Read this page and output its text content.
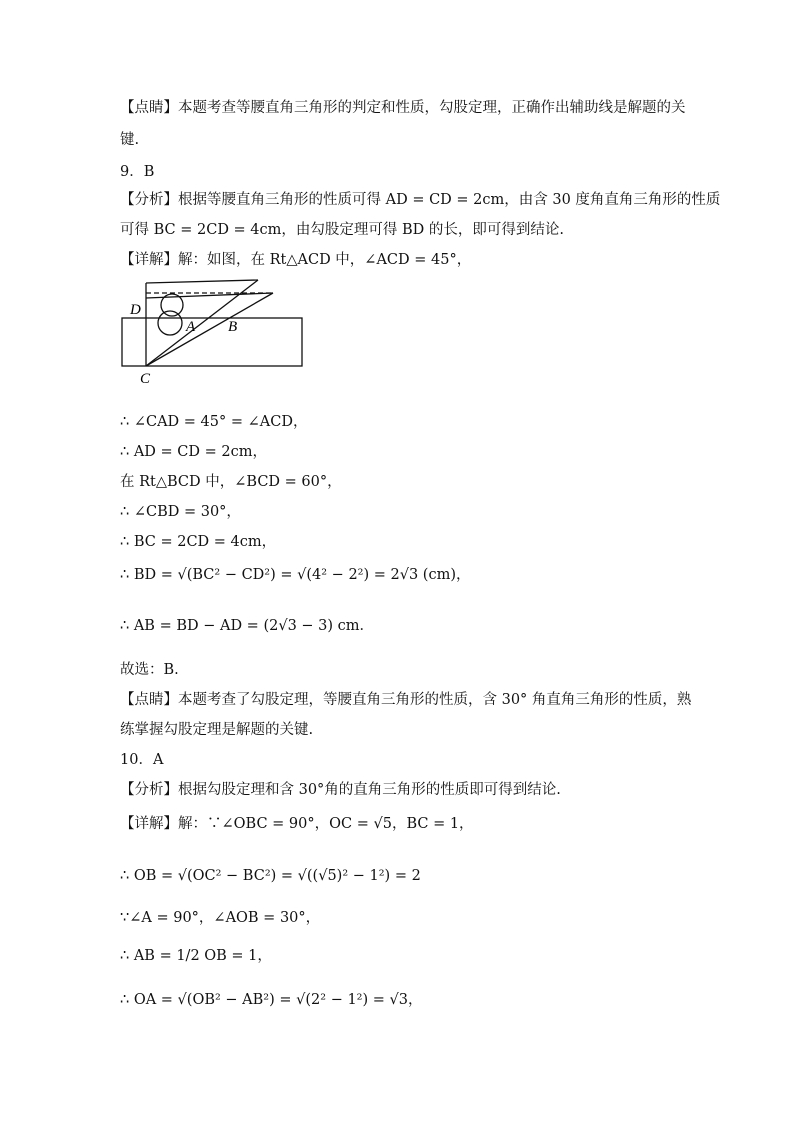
【点睛】本题考查等腰直角三角形的判定和性质，勾股定理，正确作出辅助线是解题的关
键.
9．B
【分析】根据等腰直角三角形的性质可得 AD = CD = 2cm，由含 30 度角直角三角形的性质
可得 BC = 2CD = 4cm，由勾股定理可得 BD 的长，即可得到结论.
【详解】解：如图，在 Rt△ACD 中，∠ACD = 45°，
D
A B
C
∴ ∠CAD = 45° = ∠ACD，
∴ AD = CD = 2cm，
在 Rt△BCD 中，∠BCD = 60°，
∴ ∠CBD = 30°，
∴ BC = 2CD = 4cm，
∴ BD = √(BC² − CD²) = √(4² − 2²) = 2√3 (cm)，
∴ AB = BD − AD = (2√3 − 3) cm．
故选：B.
【点睛】本题考查了勾股定理，等腰直角三角形的性质，含 30° 角直角三角形的性质，熟
练掌握勾股定理是解题的关键.
10．A
【分析】根据勾股定理和含 30°角的直角三角形的性质即可得到结论.
【详解】解：∵∠OBC = 90°，OC = √5，BC = 1，
∴ OB = √(OC² − BC²) = √((√5)² − 1²) = 2
∵∠A = 90°，∠AOB = 30°，
∴ AB = 1/2 OB = 1，
∴ OA = √(OB² − AB²) = √(2² − 1²) = √3，
